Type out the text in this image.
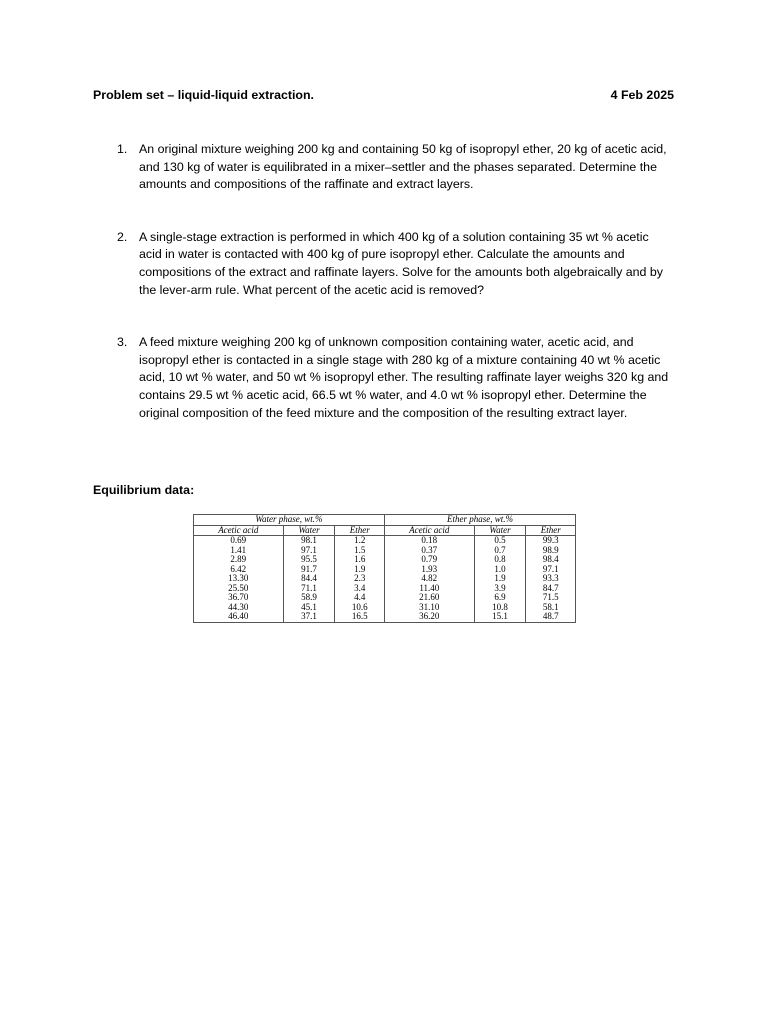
Problem set – liquid-liquid extraction.	4 Feb 2025
1. An original mixture weighing 200 kg and containing 50 kg of isopropyl ether, 20 kg of acetic acid, and 130 kg of water is equilibrated in a mixer–settler and the phases separated. Determine the amounts and compositions of the raffinate and extract layers.
2. A single-stage extraction is performed in which 400 kg of a solution containing 35 wt % acetic acid in water is contacted with 400 kg of pure isopropyl ether. Calculate the amounts and compositions of the extract and raffinate layers. Solve for the amounts both algebraically and by the lever-arm rule. What percent of the acetic acid is removed?
3. A feed mixture weighing 200 kg of unknown composition containing water, acetic acid, and isopropyl ether is contacted in a single stage with 280 kg of a mixture containing 40 wt % acetic acid, 10 wt % water, and 50 wt % isopropyl ether. The resulting raffinate layer weighs 320 kg and contains 29.5 wt % acetic acid, 66.5 wt % water, and 4.0 wt % isopropyl ether. Determine the original composition of the feed mixture and the composition of the resulting extract layer.
Equilibrium data:
Water phase, wt.%			Ether phase, wt.%		
Acetic acid	Water	Ether	Acetic acid	Water	Ether
0.69	98.1	1.2	0.18	0.5	99.3
1.41	97.1	1.5	0.37	0.7	98.9
2.89	95.5	1.6	0.79	0.8	98.4
6.42	91.7	1.9	1.93	1.0	97.1
13.30	84.4	2.3	4.82	1.9	93.3
25.50	71.1	3.4	11.40	3.9	84.7
36.70	58.9	4.4	21.60	6.9	71.5
44.30	45.1	10.6	31.10	10.8	58.1
46.40	37.1	16.5	36.20	15.1	48.7
